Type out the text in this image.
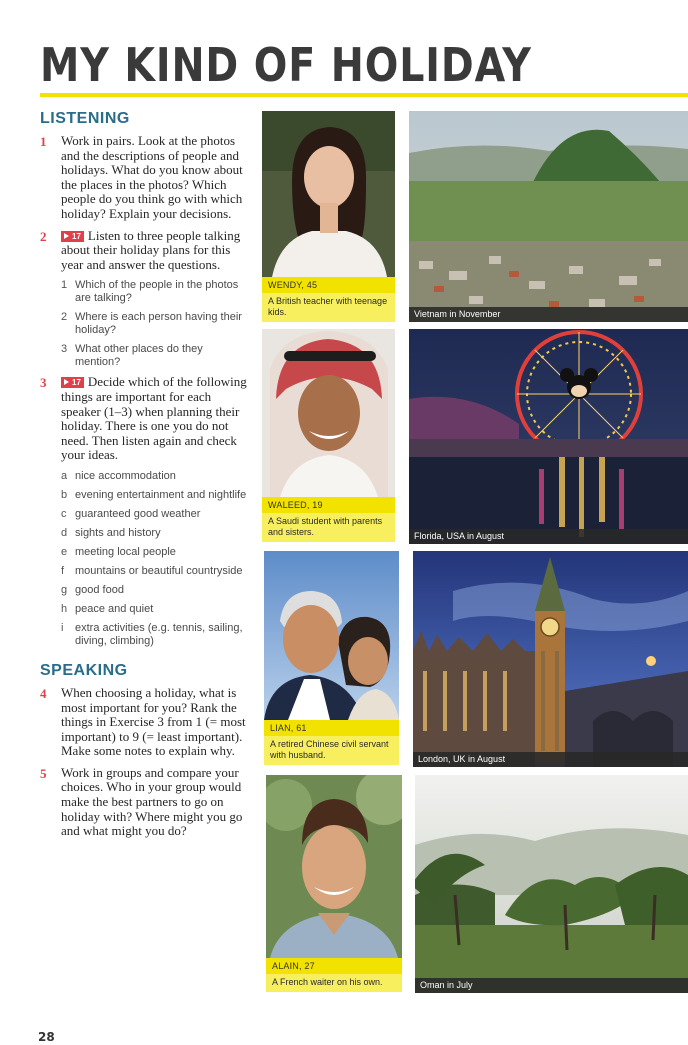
MY KIND OF HOLIDAY
LISTENING
1	Work in pairs. Look at the photos and the descriptions of people and holidays. What do you know about the places in the photos? Which people do you think go with which holiday? Explain your decisions.
2	17 Listen to three people talking about their holiday plans for this year and answer the questions.
1 Which of the people in the photos are talking?
2 Where is each person having their holiday?
3 What other places do they mention?
3	17 Decide which of the following things are important for each speaker (1–3) when planning their holiday. There is one you do not need. Then listen again and check your ideas.
a nice accommodation
b evening entertainment and nightlife
c guaranteed good weather
d sights and history
e meeting local people
f mountains or beautiful countryside
g good food
h peace and quiet
i	extra activities (e.g. tennis, sailing, diving, climbing)
SPEAKING
4	When choosing a holiday, what is most important for you? Rank the things in Exercise 3 from 1 (= most important) to 9 (= least important). Make some notes to explain why.
5	Work in groups and compare your choices. Who in your group would make the best partners to go on holiday with? Where might you go and what might you do?
WENDY, 45
A British teacher with teenage kids.	Vietnam in November
WALEED, 19
A Saudi student with parents and sisters.	Florida, USA in August
LIAN, 61
A retired Chinese civil servant with husband.	London, UK in August
ALAIN, 27
A French waiter on his own.	Oman in July
28
